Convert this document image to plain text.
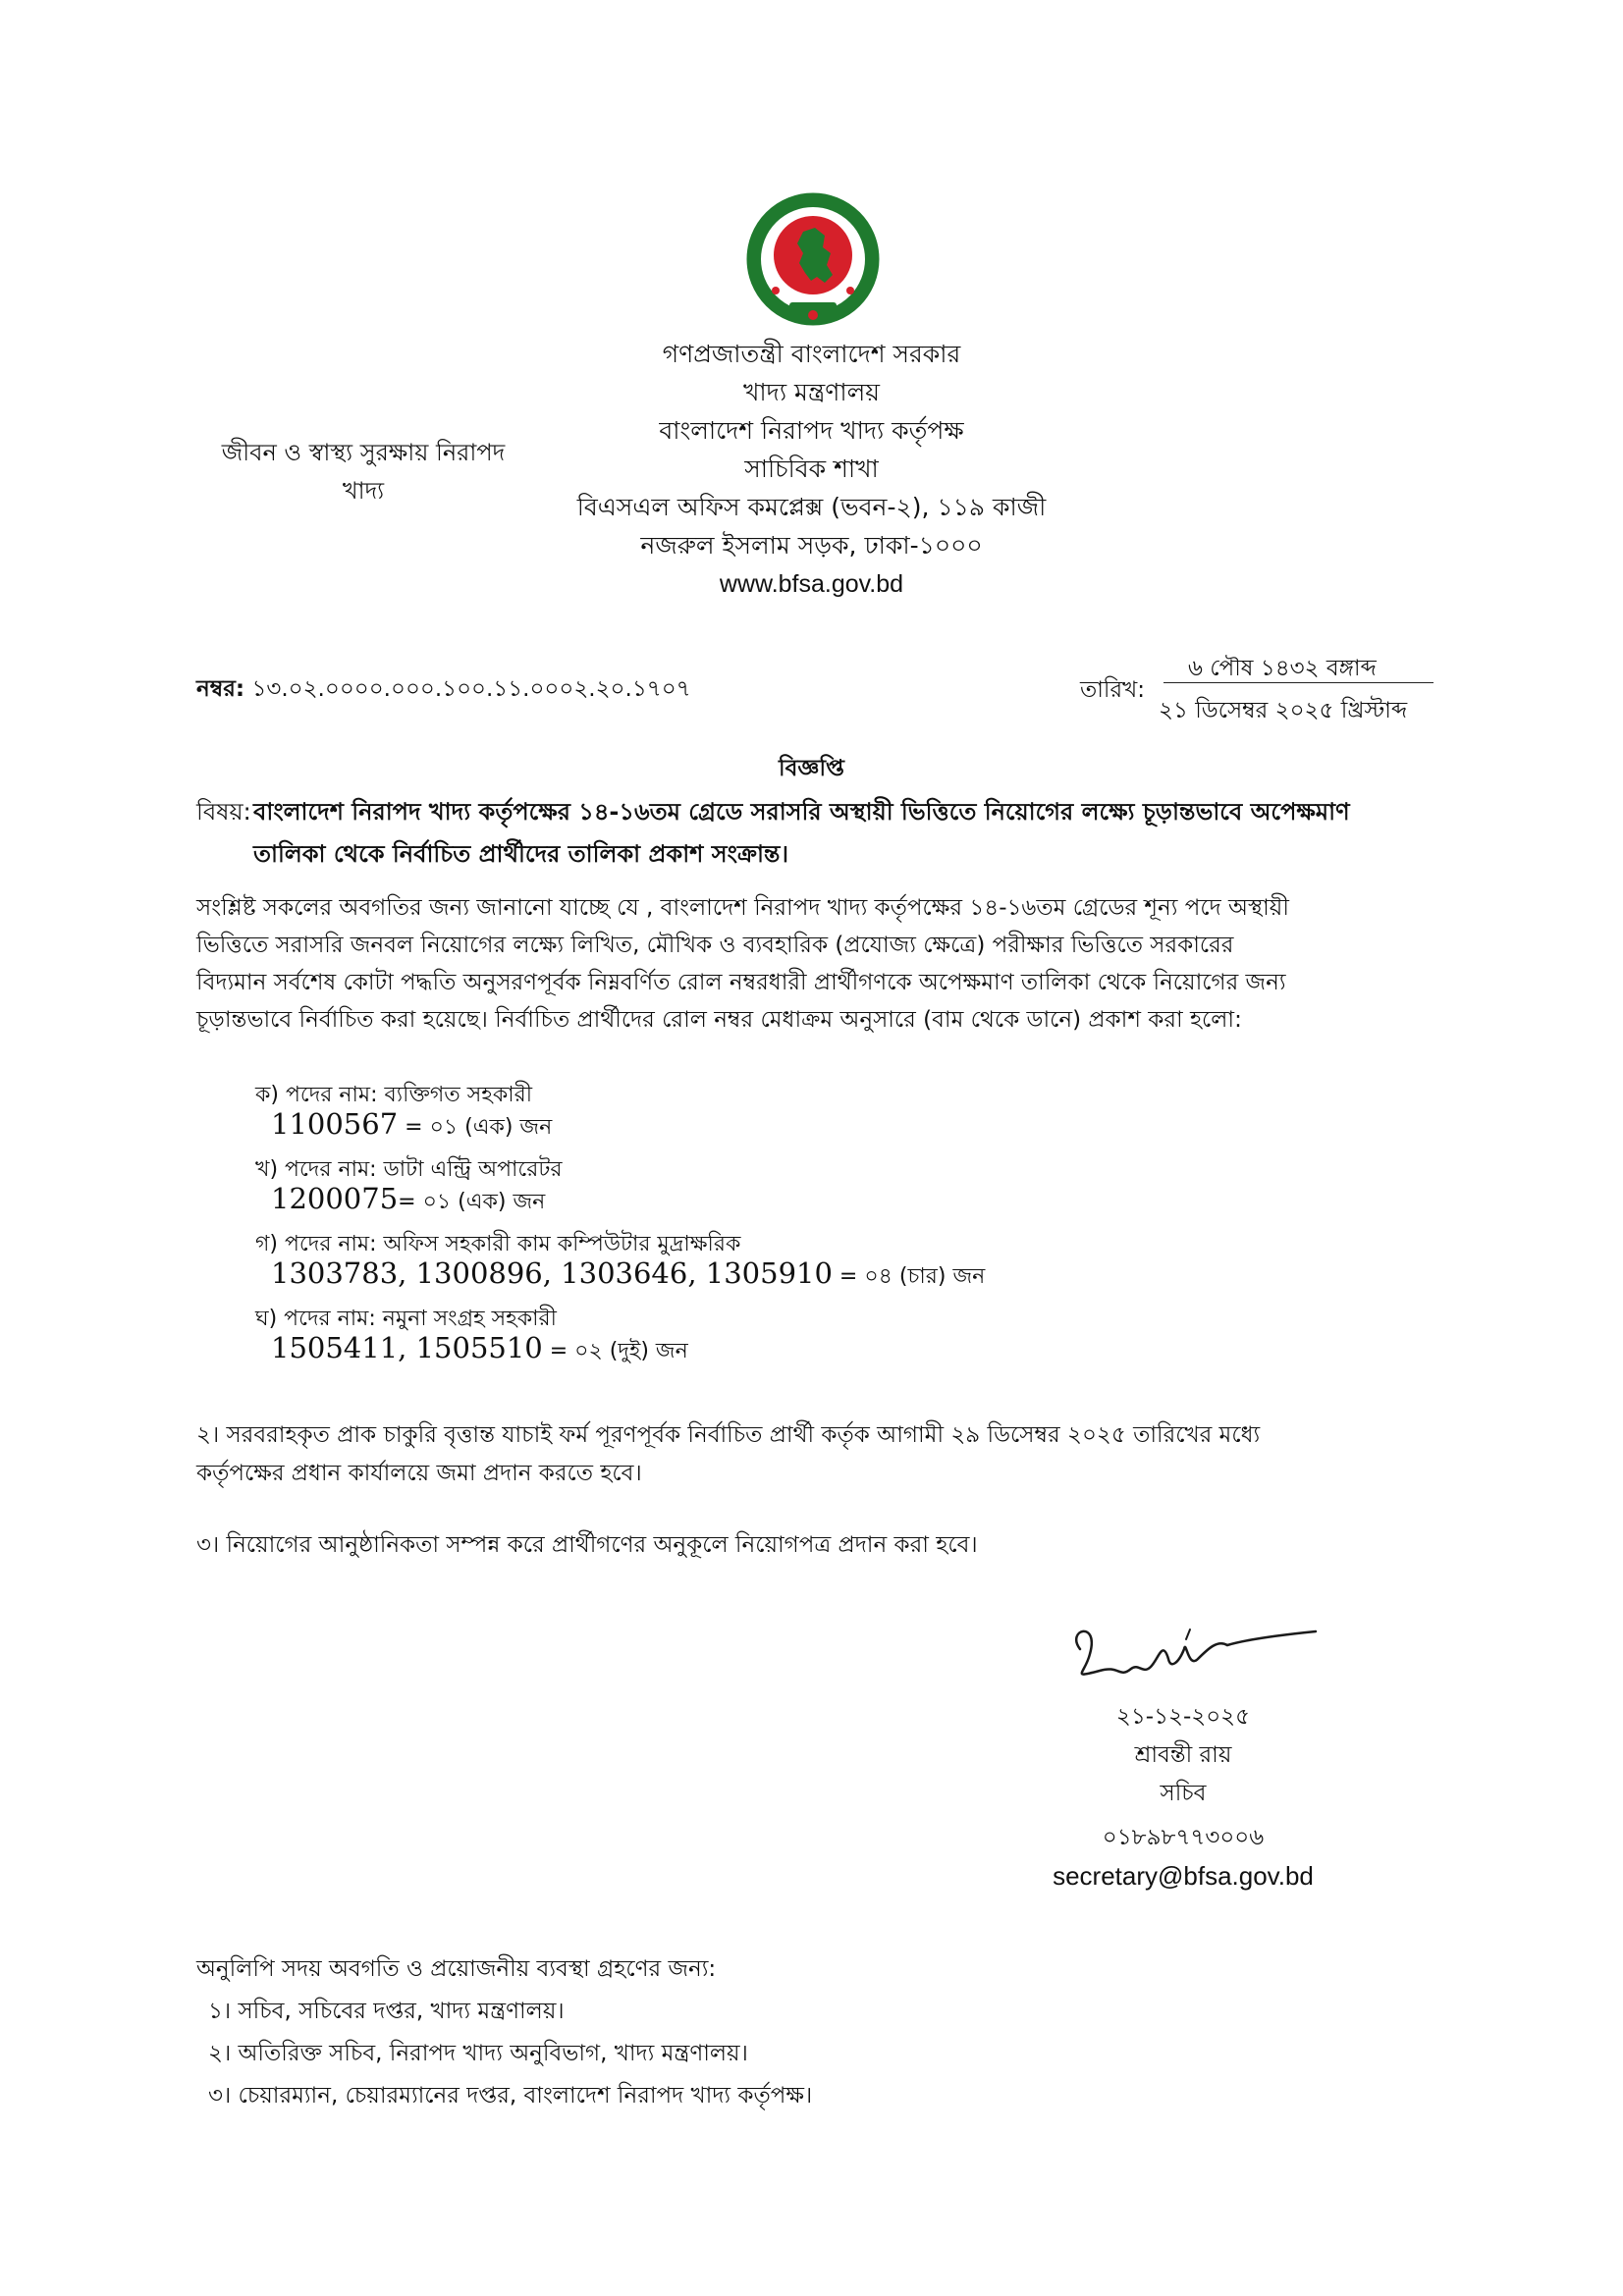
গণপ্রজাতন্ত্রী বাংলাদেশ সরকার
খাদ্য মন্ত্রণালয়
বাংলাদেশ নিরাপদ খাদ্য কর্তৃপক্ষ
সাচিবিক শাখা
বিএসএল অফিস কমপ্লেক্স (ভবন-২), ১১৯ কাজী
নজরুল ইসলাম সড়ক, ঢাকা-১০০০
www.bfsa.gov.bd
জীবন ও স্বাস্থ্য সুরক্ষায় নিরাপদ
খাদ্য
নম্বর: ১৩.০২.০০০০.০০০.১০০.১১.০০০২.২০.১৭০৭	তারিখ:
৬ পৌষ ১৪৩২ বঙ্গাব্দ
২১ ডিসেম্বর ২০২৫ খ্রিস্টাব্দ
বিজ্ঞপ্তি
বিষয়: বাংলাদেশ নিরাপদ খাদ্য কর্তৃপক্ষের ১৪-১৬তম গ্রেডে সরাসরি অস্থায়ী ভিত্তিতে নিয়োগের লক্ষ্যে চূড়ান্তভাবে অপেক্ষমাণ
তালিকা থেকে নির্বাচিত প্রার্থীদের তালিকা প্রকাশ সংক্রান্ত।
সংশ্লিষ্ট সকলের অবগতির জন্য জানানো যাচ্ছে যে , বাংলাদেশ নিরাপদ খাদ্য কর্তৃপক্ষের ১৪-১৬তম গ্রেডের শূন্য পদে অস্থায়ী
ভিত্তিতে সরাসরি জনবল নিয়োগের লক্ষ্যে লিখিত, মৌখিক ও ব্যবহারিক (প্রযোজ্য ক্ষেত্রে) পরীক্ষার ভিত্তিতে সরকারের
বিদ্যমান সর্বশেষ কোটা পদ্ধতি অনুসরণপূর্বক নিম্নবর্ণিত রোল নম্বরধারী প্রার্থীগণকে অপেক্ষমাণ তালিকা থেকে নিয়োগের জন্য
চূড়ান্তভাবে নির্বাচিত করা হয়েছে। নির্বাচিত প্রার্থীদের রোল নম্বর মেধাক্রম অনুসারে (বাম থেকে ডানে) প্রকাশ করা হলো:
ক) পদের নাম: ব্যক্তিগত সহকারী
1100567 = ০১ (এক) জন
খ) পদের নাম: ডাটা এন্ট্রি অপারেটর
1200075= ০১ (এক) জন
গ) পদের নাম: অফিস সহকারী কাম কম্পিউটার মুদ্রাক্ষরিক
1303783, 1300896, 1303646, 1305910 = ০৪ (চার) জন
ঘ) পদের নাম: নমুনা সংগ্রহ সহকারী
1505411, 1505510 = ০২ (দুই) জন
২। সরবরাহকৃত প্রাক চাকুরি বৃত্তান্ত যাচাই ফর্ম পূরণপূর্বক নির্বাচিত প্রার্থী কর্তৃক আগামী ২৯ ডিসেম্বর ২০২৫ তারিখের মধ্যে
কর্তৃপক্ষের প্রধান কার্যালয়ে জমা প্রদান করতে হবে।
৩। নিয়োগের আনুষ্ঠানিকতা সম্পন্ন করে প্রার্থীগণের অনুকূলে নিয়োগপত্র প্রদান করা হবে।
২১-১২-২০২৫
শ্রাবন্তী রায়
সচিব
০১৮৯৮৭৭৩০০৬
secretary@bfsa.gov.bd
অনুলিপি সদয় অবগতি ও প্রয়োজনীয় ব্যবস্থা গ্রহণের জন্য:
১। সচিব, সচিবের দপ্তর, খাদ্য মন্ত্রণালয়।
২। অতিরিক্ত সচিব, নিরাপদ খাদ্য অনুবিভাগ, খাদ্য মন্ত্রণালয়।
৩। চেয়ারম্যান, চেয়ারম্যানের দপ্তর, বাংলাদেশ নিরাপদ খাদ্য কর্তৃপক্ষ।
